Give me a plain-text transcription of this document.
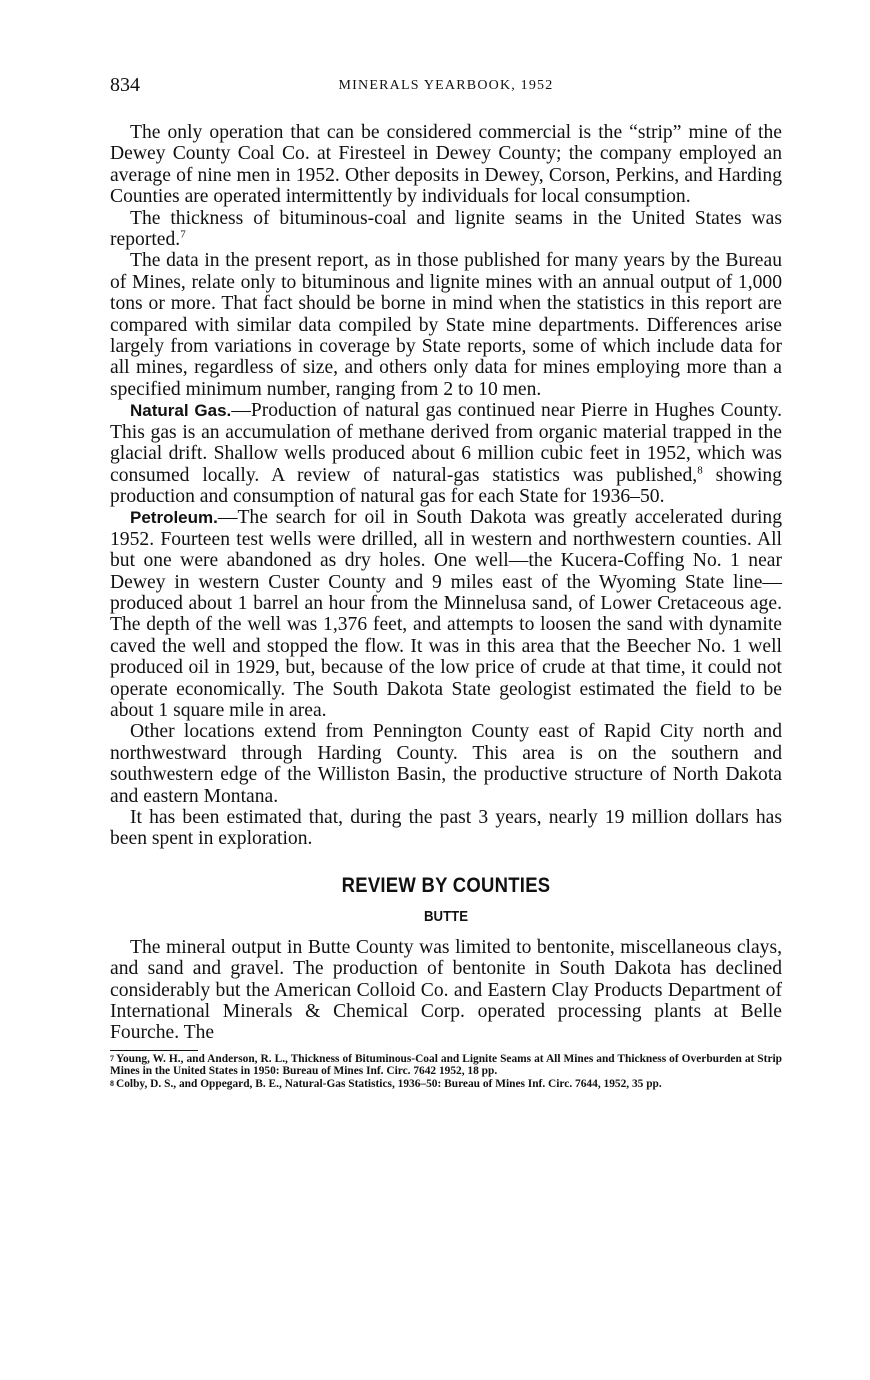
834	MINERALS YEARBOOK, 1952

The only operation that can be considered commercial is the “strip” mine of the Dewey County Coal Co. at Firesteel in Dewey County; the company employed an average of nine men in 1952. Other deposits in Dewey, Corson, Perkins, and Harding Counties are operated intermittently by individuals for local consumption.

The thickness of bituminous-coal and lignite seams in the United States was reported.$^7$

The data in the present report, as in those published for many years by the Bureau of Mines, relate only to bituminous and lignite mines with an annual output of 1,000 tons or more. That fact should be borne in mind when the statistics in this report are compared with similar data compiled by State mine departments. Differences arise largely from variations in coverage by State reports, some of which include data for all mines, regardless of size, and others only data for mines employing more than a specified minimum number, ranging from 2 to 10 men.

Natural Gas.—Production of natural gas continued near Pierre in Hughes County. This gas is an accumulation of methane derived from organic material trapped in the glacial drift. Shallow wells produced about 6 million cubic feet in 1952, which was consumed locally. A review of natural-gas statistics was published,$^8$ showing production and consumption of natural gas for each State for 1936–50.

Petroleum.—The search for oil in South Dakota was greatly accelerated during 1952. Fourteen test wells were drilled, all in western and northwestern counties. All but one were abandoned as dry holes. One well—the Kucera-Coffing No. 1 near Dewey in western Custer County and 9 miles east of the Wyoming State line—produced about 1 barrel an hour from the Minnelusa sand, of Lower Cretaceous age. The depth of the well was 1,376 feet, and attempts to loosen the sand with dynamite caved the well and stopped the flow. It was in this area that the Beecher No. 1 well produced oil in 1929, but, because of the low price of crude at that time, it could not operate economically. The South Dakota State geologist estimated the field to be about 1 square mile in area.

Other locations extend from Pennington County east of Rapid City north and northwestward through Harding County. This area is on the southern and southwestern edge of the Williston Basin, the productive structure of North Dakota and eastern Montana.

It has been estimated that, during the past 3 years, nearly 19 million dollars has been spent in exploration.

REVIEW BY COUNTIES
BUTTE

The mineral output in Butte County was limited to bentonite, miscellaneous clays, and sand and gravel. The production of bentonite in South Dakota has declined considerably but the American Colloid Co. and Eastern Clay Products Department of International Minerals & Chemical Corp. operated processing plants at Belle Fourche. The

$^7$ Young, W. H., and Anderson, R. L., Thickness of Bituminous-Coal and Lignite Seams at All Mines and Thickness of Overburden at Strip Mines in the United States in 1950: Bureau of Mines Inf. Circ. 7642 1952, 18 pp.

$^8$ Colby, D. S., and Oppegard, B. E., Natural-Gas Statistics, 1936–50: Bureau of Mines Inf. Circ. 7644, 1952, 35 pp.
